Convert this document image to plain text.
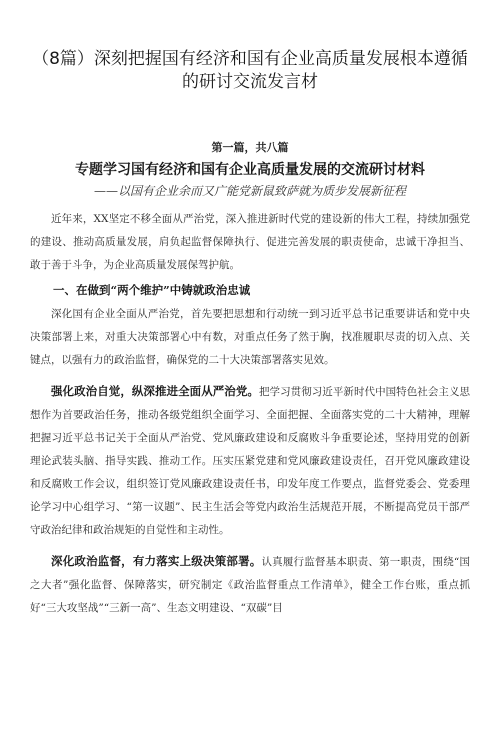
（8篇）深刻把握国有经济和国有企业高质量发展根本遵循的研讨交流发言材
第一篇，共八篇
专题学习国有经济和国有企业高质量发展的交流研讨材料
——以国有企业余而又广能党新鼠致萨就为质步发展新征程

近年来，XX坚定不移全面从严治党，深入推进新时代党的建设新的伟大工程，持续加强党的建设、推动高质量发展，肩负起监督保障执行、促进完善发展的职责使命，忠诚干净担当、敢于善于斗争，为企业高质量发展保驾护航。

一、在做到“两个维护”中铸就政治忠诚

深化国有企业全面从严治党，首先要把思想和行动统一到习近平总书记重要讲话和党中央决策部署上来，对重大决策部署心中有数，对重点任务了然于胸，找准履职尽责的切入点、关键点，以强有力的政治监督，确保党的二十大决策部署落实见效。

强化政治自觉，纵深推进全面从严治党。把学习贯彻习近平新时代中国特色社会主义思想作为首要政治任务，推动各级党组织全面学习、全面把握、全面落实党的二十大精神，理解把握习近平总书记关于全面从严治党、党风廉政建设和反腐败斗争重要论述，坚持用党的创新理论武装头脑、指导实践、推动工作。压实压紧党建和党风廉政建设责任，召开党风廉政建设和反腐败工作会议，组织签订党风廉政建设责任书，印发年度工作要点，监督党委会、党委理论学习中心组学习、“第一议题”、民主生活会等党内政治生活规范开展，不断提高党员干部严守政治纪律和政治规矩的自觉性和主动性。

深化政治监督，有力落实上级决策部署。认真履行监督基本职责、第一职责，围绕“国之大者”强化监督、保障落实，研究制定《政治监督重点工作清单》，健全工作台账，重点抓好“三大攻坚战”“三新一高”、生态文明建设、“双碳”目
